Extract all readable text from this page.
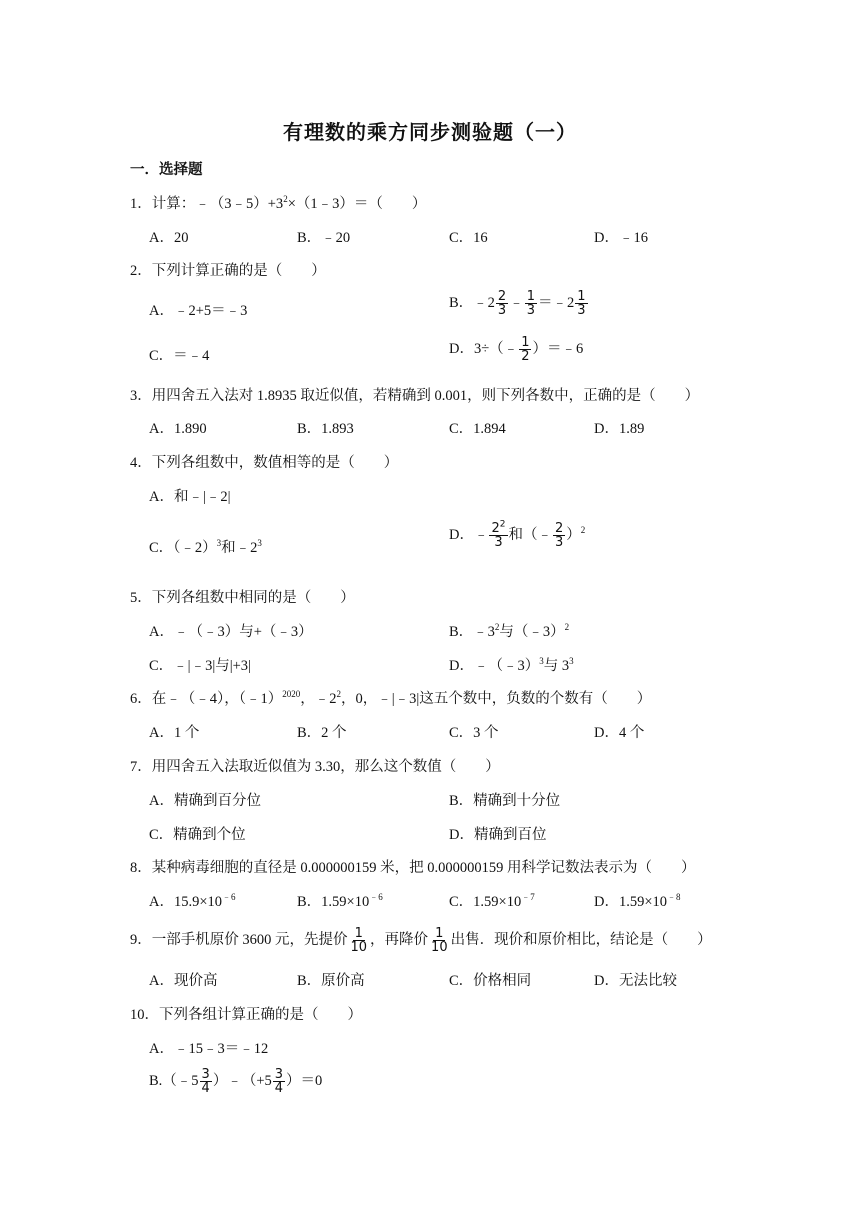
有理数的乘方同步测验题（一）
一．选择题
1．计算：$﹣(3﹣5)+3^2\times(1﹣3)=$（　　）
A．20	B．﹣20	C．16	D．﹣16
2．下列计算正确的是（　　）
A．﹣2+5＝﹣3
B．﹣2 $\frac{2}{3}$ ﹣ $\frac{1}{3}$ ＝﹣2 $\frac{1}{3}$
C．＝﹣4	D．3÷（﹣ $\frac{1}{2}$ ）＝﹣6
3．用四舍五入法对 1.8935 取近似值，若精确到 0.001，则下列各数中，正确的是（　　）
A．1.890	B．1.893	C．1.894	D．1.89
4．下列各组数中，数值相等的是（　　）
A．和﹣|﹣2|
C．（﹣2）$^3$和$﹣2^3$
D．﹣ $\frac{2^2}{3}$ 和（﹣ $\frac{2}{3} )^2$
5．下列各组数中相同的是（　　）
A．﹣（﹣3）与+（﹣3）	B．$﹣3^2$与（﹣3）$^2$
C．﹣|﹣3|与|+3|	D．﹣（﹣3）$^3$与 $3^3$
6．在﹣（﹣4），（﹣1）$^{2020}$，$﹣2^2$，0，﹣|﹣3|这五个数中，负数的个数有（　　）
A．1 个	B．2 个	C．3 个	D．4 个
7．用四舍五入法取近似值为 3.30，那么这个数值（　　）
A．精确到百分位	B．精确到十分位
C．精确到个位	D．精确到百位
8．某种病毒细胞的直径是 0.000000159 米，把 0.000000159 用科学记数法表示为（　　）
A．$15.9\times 10^{﹣6}$	B．$1.59\times 10^{﹣6}$	C．$1.59\times 10^{﹣7}$	D．$1.59\times 10^{﹣8}$
9．一部手机原价 3600 元，先提价 $\frac{1}{10}$ ，再降价 $\frac{1}{10}$ 出售．现价和原价相比，结论是（　　）
A．现价高	B．原价高	C．价格相同	D．无法比较
10．下列各组计算正确的是（　　）
A．﹣15﹣3＝﹣12
B.（﹣5 $\frac{3}{4}$ ）﹣（+5 $\frac{3}{4} )=0$
